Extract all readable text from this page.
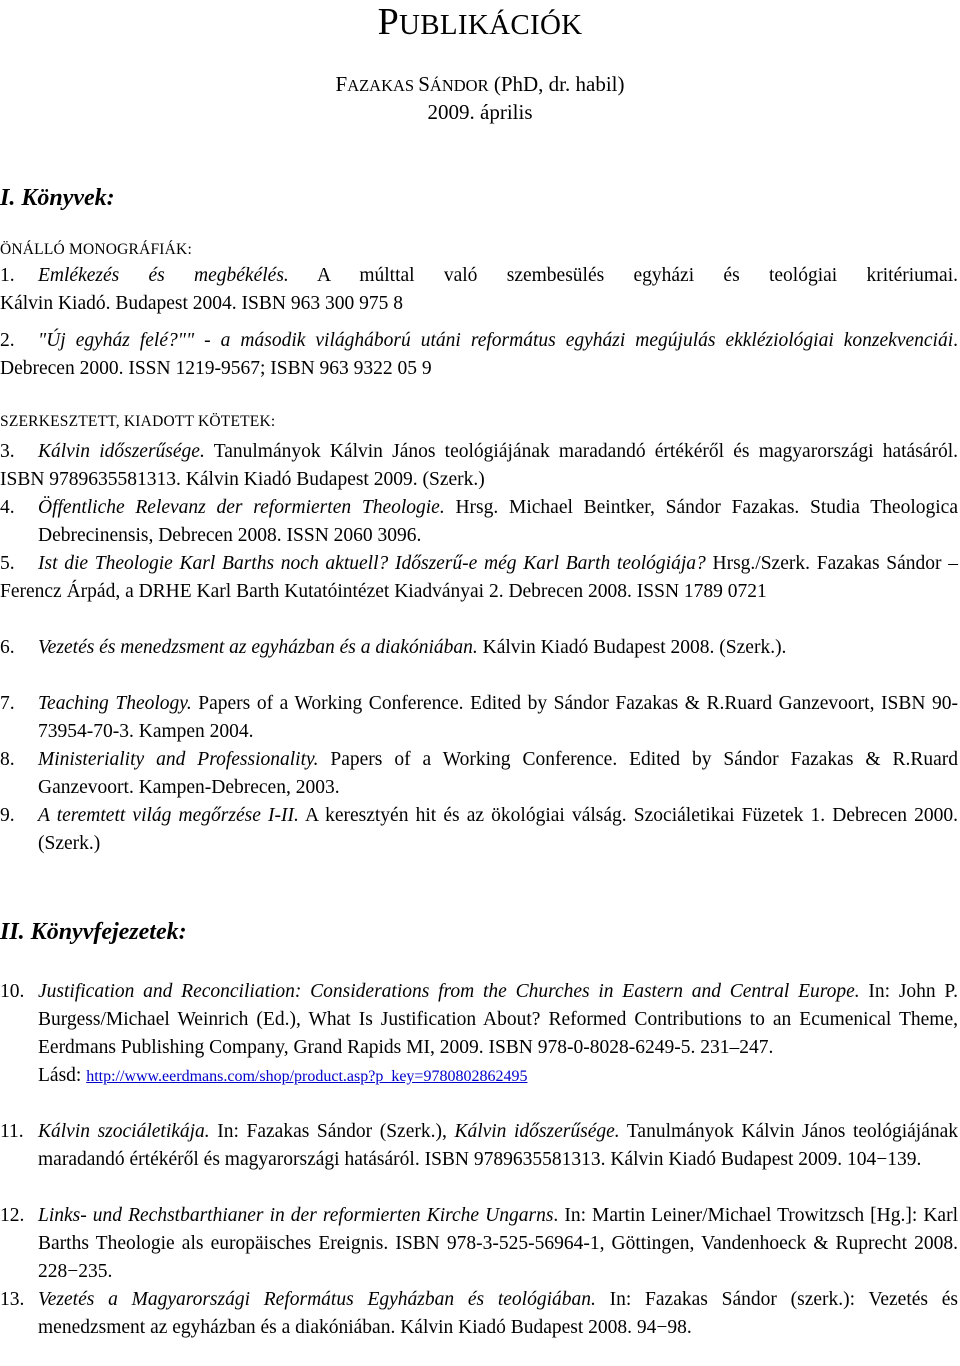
PUBLIKÁCIÓK
FAZAKAS SÁNDOR (PhD, dr. habil)
2009. április
I. Könyvek:
ÖNÁLLÓ MONOGRÁFIÁK:
1. Emlékezés és megbékélés. A múlttal való szembesülés egyházi és teológiai kritériumai.
Kálvin Kiadó. Budapest 2004. ISBN 963 300 975 8
2.	"Új egyház felé?"" - a második világháború utáni református egyházi megújulás ekkléziológiai konzekvenciái. Debrecen 2000. ISSN 1219-9567; ISBN 963 9322 05 9
SZERKESZTETT, KIADOTT KÖTETEK:
3.	Kálvin időszerűsége. Tanulmányok Kálvin János teológiájának maradandó értékéről és magyarországi hatásáról. ISBN 9789635581313. Kálvin Kiadó Budapest 2009. (Szerk.)
4. Öffentliche Relevanz der reformierten Theologie. Hrsg. Michael Beintker, Sándor Fazakas. Studia Theologica Debrecinensis, Debrecen 2008. ISSN 2060 3096.
5.	Ist die Theologie Karl Barths noch aktuell? Időszerű-e még Karl Barth teológiája? Hrsg./Szerk. Fazakas Sándor – Ferencz Árpád, a DRHE Karl Barth Kutatóintézet Kiadványai 2. Debrecen 2008. ISSN 1789 0721
6.	Vezetés és menedzsment az egyházban és a diakóniában. Kálvin Kiadó Budapest 2008. (Szerk.).
7. Teaching Theology. Papers of a Working Conference. Edited by Sándor Fazakas & R.Ruard Ganzevoort, ISBN 90-73954-70-3. Kampen 2004.
8. Ministeriality and Professionality. Papers of a Working Conference. Edited by Sándor Fazakas & R.Ruard Ganzevoort. Kampen-Debrecen, 2003.
9. A teremtett világ megőrzése I-II. A keresztyén hit és az ökológiai válság. Szociáletikai Füzetek 1. Debrecen 2000. (Szerk.)
II. Könyvfejezetek:
10. Justification and Reconciliation: Considerations from the Churches in Eastern and Central Europe. In: John P. Burgess/Michael Weinrich (Ed.), What Is Justification About? Reformed Contributions to an Ecumenical Theme, Eerdmans Publishing Company, Grand Rapids MI, 2009. ISBN 978-0-8028-6249-5. 231–247.
Lásd: http://www.eerdmans.com/shop/product.asp?p_key=9780802862495
11. Kálvin szociáletikája. In: Fazakas Sándor (Szerk.), Kálvin időszerűsége. Tanulmányok Kálvin János teológiájának maradandó értékéről és magyarországi hatásáról. ISBN 9789635581313. Kálvin Kiadó Budapest 2009. 104−139.
12. Links- und Rechstbarthianer in der reformierten Kirche Ungarns. In: Martin Leiner/Michael Trowitzsch [Hg.]: Karl Barths Theologie als europäisches Ereignis. ISBN 978-3-525-56964-1, Göttingen, Vandenhoeck & Ruprecht 2008. 228−235.
13. Vezetés a Magyarországi Református Egyházban és teológiában. In: Fazakas Sándor (szerk.): Vezetés és menedzsment az egyházban és a diakóniában. Kálvin Kiadó Budapest 2008. 94−98.
